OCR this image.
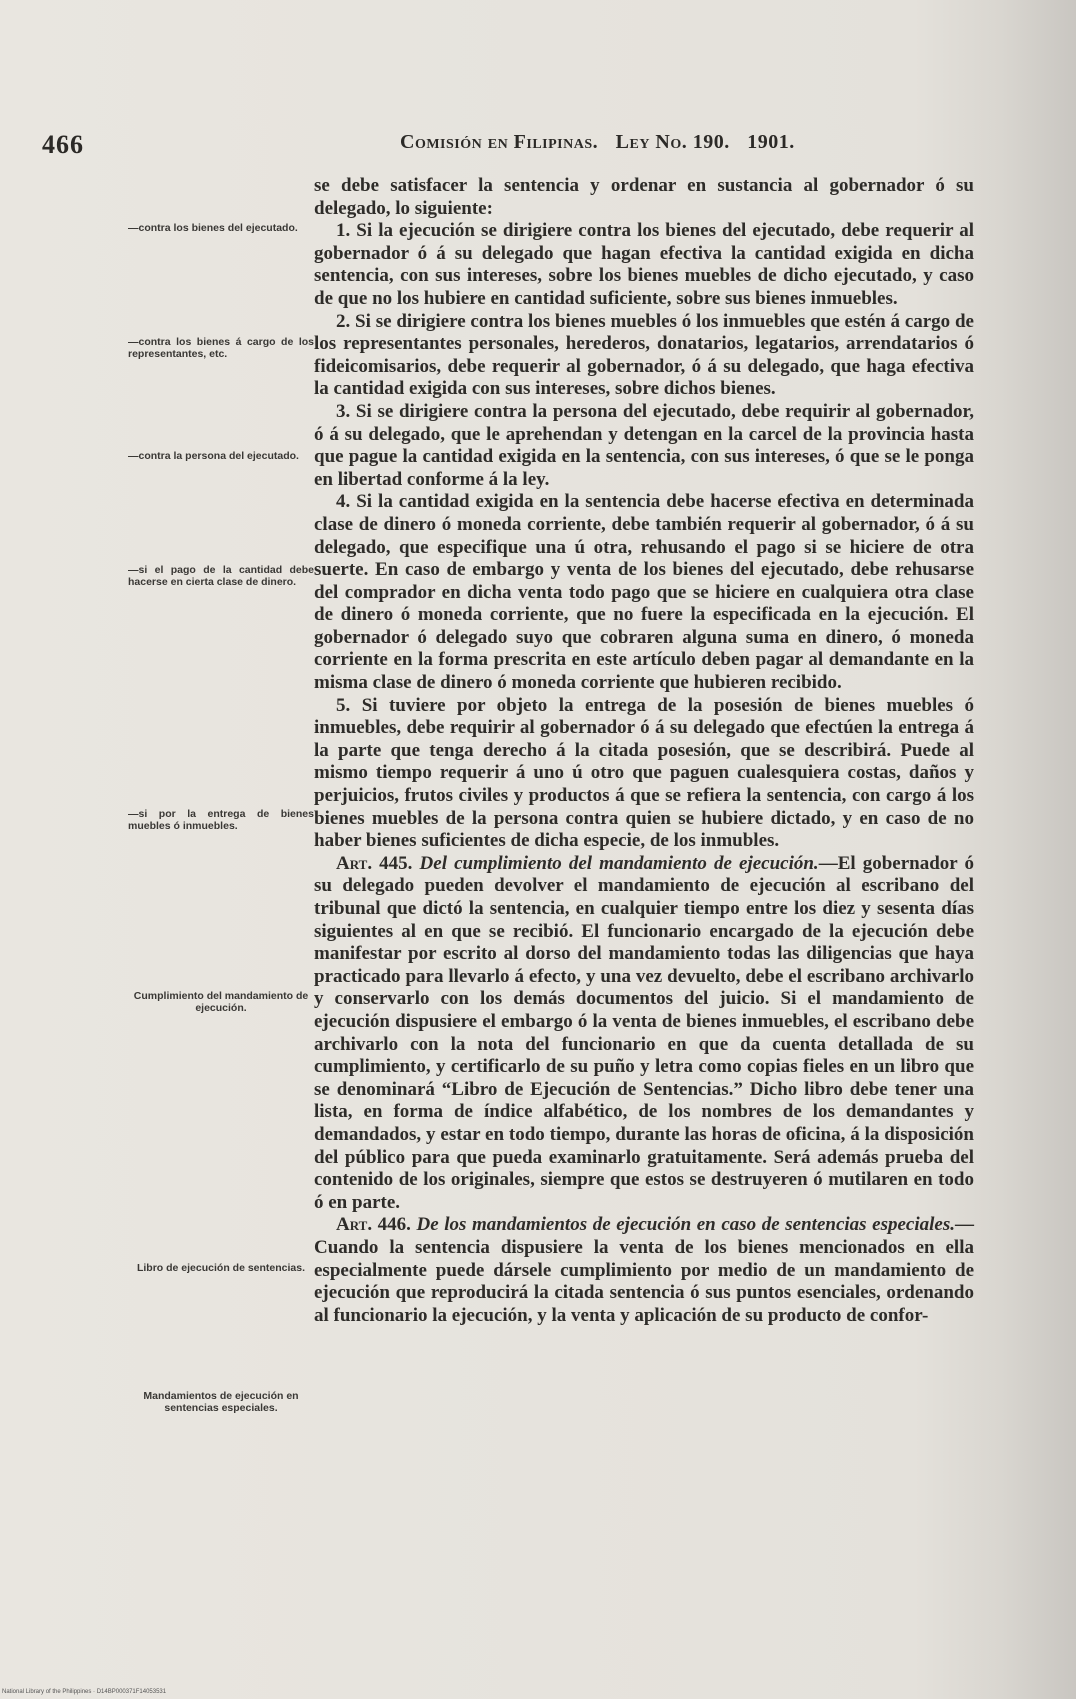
466	Comisión en Filipinas. Ley No. 190. 1901.
—contra los bienes del ejecutado.
—contra los bienes á cargo de los representantes, etc.
—contra la persona del ejecutado.
—si el pago de la cantidad debe hacerse en cierta clase de dinero.
—si por la entrega de bienes muebles ó inmuebles.
Cumplimiento del mandamiento de ejecución.
Libro de ejecución de sentencias.
Mandamientos de ejecución en sentencias especiales.

se debe satisfacer la sentencia y ordenar en sustancia al gobernador ó su delegado, lo siguiente:

1. Si la ejecución se dirigiere contra los bienes del ejecutado, debe requerir al gobernador ó á su delegado que hagan efectiva la cantidad exigida en dicha sentencia, con sus intereses, sobre los bienes muebles de dicho ejecutado, y caso de que no los hubiere en cantidad suficiente, sobre sus bienes inmuebles.

2. Si se dirigiere contra los bienes muebles ó los inmuebles que estén á cargo de los representantes personales, herederos, donatarios, legatarios, arrendatarios ó fideicomisarios, debe requerir al gobernador, ó á su delegado, que haga efectiva la cantidad exigida con sus intereses, sobre dichos bienes.

3. Si se dirigiere contra la persona del ejecutado, debe requirir al gobernador, ó á su delegado, que le aprehendan y detengan en la carcel de la provincia hasta que pague la cantidad exigida en la sentencia, con sus intereses, ó que se le ponga en libertad conforme á la ley.

4. Si la cantidad exigida en la sentencia debe hacerse efectiva en determinada clase de dinero ó moneda corriente, debe también requerir al gobernador, ó á su delegado, que especifique una ú otra, rehusando el pago si se hiciere de otra suerte. En caso de embargo y venta de los bienes del ejecutado, debe rehusarse del comprador en dicha venta todo pago que se hiciere en cualquiera otra clase de dinero ó moneda corriente, que no fuere la especificada en la ejecución. El gobernador ó delegado suyo que cobraren alguna suma en dinero, ó moneda corriente en la forma prescrita en este artículo deben pagar al demandante en la misma clase de dinero ó moneda corriente que hubieren recibido.

5. Si tuviere por objeto la entrega de la posesión de bienes muebles ó inmuebles, debe requirir al gobernador ó á su delegado que efectúen la entrega á la parte que tenga derecho á la citada posesión, que se describirá. Puede al mismo tiempo requerir á uno ú otro que paguen cualesquiera costas, daños y perjuicios, frutos civiles y productos á que se refiera la sentencia, con cargo á los bienes muebles de la persona contra quien se hubiere dictado, y en caso de no haber bienes suficientes de dicha especie, de los inmubles.

Art. 445. Del cumplimiento del mandamiento de ejecución.—El gobernador ó su delegado pueden devolver el mandamiento de ejecución al escribano del tribunal que dictó la sentencia, en cualquier tiempo entre los diez y sesenta días siguientes al en que se recibió. El funcionario encargado de la ejecución debe manifestar por escrito al dorso del mandamiento todas las diligencias que haya practicado para llevarlo á efecto, y una vez devuelto, debe el escribano archivarlo y conservarlo con los demás documentos del juicio. Si el mandamiento de ejecución dispusiere el embargo ó la venta de bienes inmuebles, el escribano debe archivarlo con la nota del funcionario en que da cuenta detallada de su cumplimiento, y certificarlo de su puño y letra como copias fieles en un libro que se denominará “Libro de Ejecución de Sentencias.” Dicho libro debe tener una lista, en forma de índice alfabético, de los nombres de los demandantes y demandados, y estar en todo tiempo, durante las horas de oficina, á la disposición del público para que pueda examinarlo gratuitamente. Será además prueba del contenido de los originales, siempre que estos se destruyeren ó mutilaren en todo ó en parte.

Art. 446. De los mandamientos de ejecución en caso de sentencias especiales.—Cuando la sentencia dispusiere la venta de los bienes mencionados en ella especialmente puede dársele cumplimiento por medio de un mandamiento de ejecución que reproducirá la citada sentencia ó sus puntos esenciales, ordenando al funcionario la ejecución, y la venta y aplicación de su producto de confor-

National Library of the Philippines · D14BP000371F14053531
